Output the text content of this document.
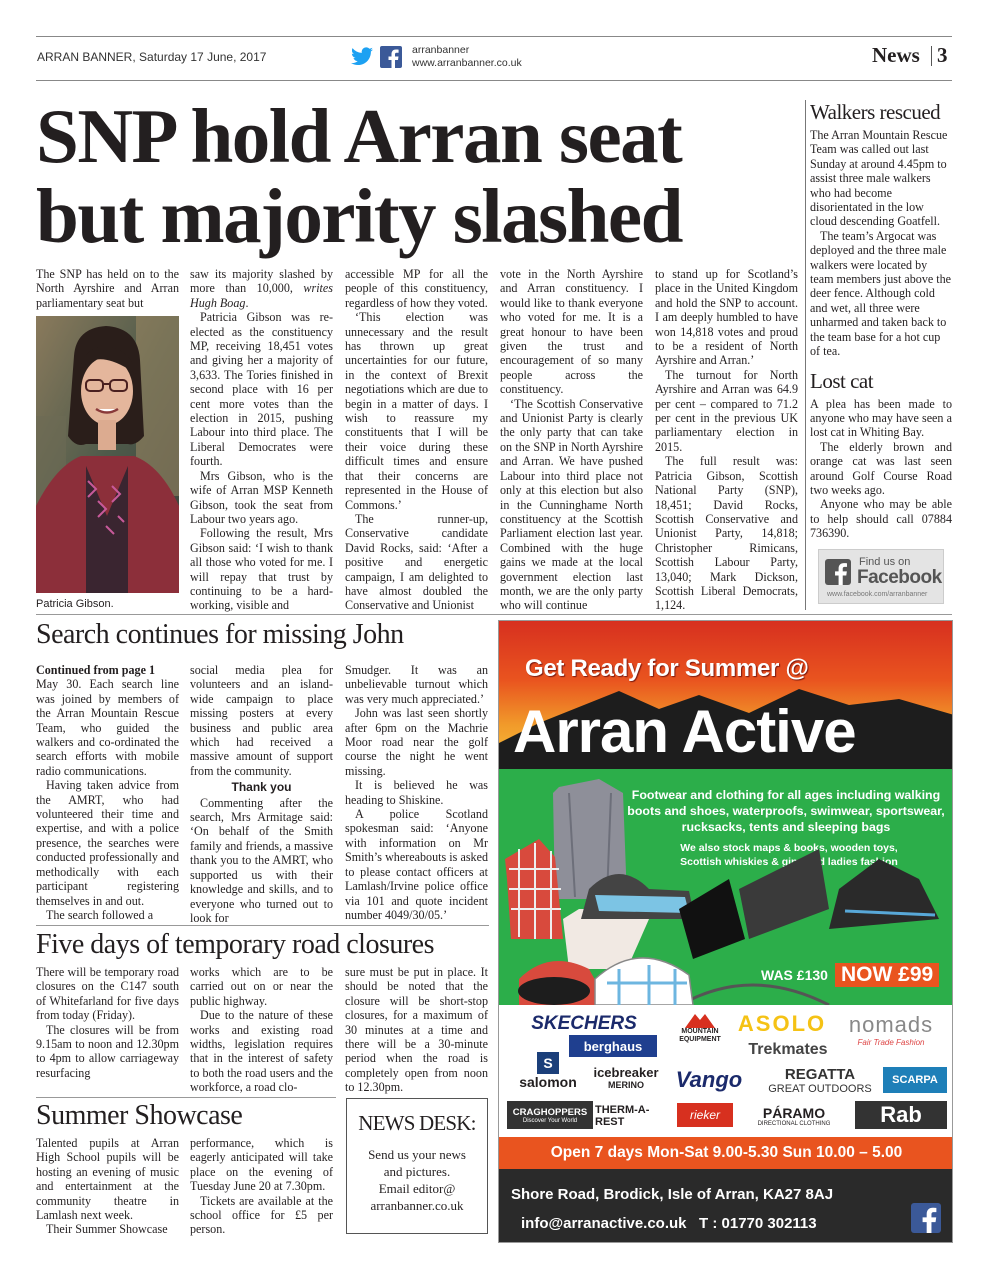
ARRAN BANNER, Saturday 17 June, 2017	arranbanner
www.arranbanner.co.uk	News 3
SNP hold Arran seat
but majority slashed

The SNP has held on to the North Ayrshire and Arran parliamentary seat but

Patricia Gibson.

saw its majority slashed by more than 10,000, writes Hugh Boag.

Patricia Gibson was re-elected as the constituency MP, receiving 18,451 votes and giving her a majority of 3,633. The Tories finished in second place with 16 per cent more votes than the election in 2015, pushing Labour into third place. The Liberal Democrates were fourth.

Mrs Gibson, who is the wife of Arran MSP Kenneth Gibson, took the seat from Labour two years ago.

Following the result, Mrs Gibson said: ‘I wish to thank all those who voted for me. I will repay that trust by continuing to be a hard-working, visible and

accessible MP for all the people of this constituency, regardless of how they voted.

‘This election was unnecessary and the result has thrown up great uncertainties for our future, in the context of Brexit negotiations which are due to begin in a matter of days. I wish to reassure my constituents that I will be their voice during these difficult times and ensure that their concerns are represented in the House of Commons.’

The runner-up, Conservative candidate David Rocks, said: ‘After a positive and energetic campaign, I am delighted to have almost doubled the Conservative and Unionist

vote in the North Ayrshire and Arran constituency. I would like to thank everyone who voted for me. It is a great honour to have been given the trust and encouragement of so many people across the constituency.

‘The Scottish Conservative and Unionist Party is clearly the only party that can take on the SNP in North Ayrshire and Arran. We have pushed Labour into third place not only at this election but also in the Cunninghame North constituency at the Scottish Parliament election last year. Combined with the huge gains we made at the local government election last month, we are the only party who will continue

to stand up for Scotland’s place in the United Kingdom and hold the SNP to account. I am deeply humbled to have won 14,818 votes and proud to be a resident of North Ayrshire and Arran.’

The turnout for North Ayrshire and Arran was 64.9 per cent – compared to 71.2 per cent in the previous UK parliamentary election in 2015.

The full result was: Patricia Gibson, Scottish National Party (SNP), 18,451; David Rocks, Scottish Conservative and Unionist Party, 14,818; Christopher Rimicans, Scottish Labour Party, 13,040; Mark Dickson, Scottish Liberal Democrats, 1,124.

Walkers rescued

The Arran Mountain Rescue Team was called out last Sunday at around 4.45pm to assist three male walkers who had become disorientated in the low cloud descending Goatfell.

The team’s Argocat was deployed and the three male walkers were located by team members just above the deer fence. Although cold and wet, all three were unharmed and taken back to the team base for a hot cup of tea.

Lost cat

A plea has been made to anyone who may have seen a lost cat in Whiting Bay.

The elderly brown and orange cat was last seen around Golf Course Road two weeks ago.

Anyone who may be able to help should call 07884 736390.

Find us on
Facebook
www.facebook.com/arranbanner
Search continues for missing John

Continued from page 1

May 30. Each search line was joined by members of the Arran Mountain Rescue Team, who guided the walkers and co-ordinated the search efforts with mobile radio communications.

Having taken advice from the AMRT, who had volunteered their time and expertise, and with a police presence, the searches were conducted professionally and methodically with each participant registering themselves in and out.

The search followed a

social media plea for volunteers and an island-wide campaign to place missing posters at every business and public area which had received a massive amount of support from the community.

Thank you

Commenting after the search, Mrs Armitage said: ‘On behalf of the Smith family and friends, a massive thank you to the AMRT, who supported us with their knowledge and skills, and to everyone who turned out to look for

Smudger. It was an unbelievable turnout which was very much appreciated.’

John was last seen shortly after 6pm on the Machrie Moor road near the golf course the night he went missing.

It is believed he was heading to Shiskine.

A police Scotland spokesman said: ‘Anyone with information on Mr Smith’s whereabouts is asked to please contact officers at Lamlash/Irvine police office via 101 and quote incident number 4049/30/05.’

Five days of temporary road closures

There will be temporary road closures on the C147 south of Whitefarland for five days from today (Friday).

The closures will be from 9.15am to noon and 12.30pm to 4pm to allow carriageway resurfacing

works which are to be carried out on or near the public highway.

Due to the nature of these works and existing road widths, legislation requires that in the interest of safety to both the road users and the workforce, a road clo-

sure must be put in place. It should be noted that the closure will be short-stop closures, for a maximum of 30 minutes at a time and there will be a 30-minute period when the road is completely open from noon to 12.30pm.

Summer Showcase

Talented pupils at Arran High School pupils will be hosting an evening of music and entertainment at the community theatre in Lamlash next week.

Their Summer Showcase

performance, which is eagerly anticipated will take place on the evening of Tuesday June 20 at 7.30pm.

Tickets are available at the school office for £5 per person.

NEWS DESK:
Send us your news
and pictures.
Email editor@
arranbanner.co.uk
Get Ready for Summer @
Arran Active
Footwear and clothing for all ages including walking boots and shoes, waterproofs, swimwear, sportswear, rucksacks, tents and sleeping bags
We also stock maps & books, wooden toys, Scottish whiskies & gins and ladies fashion
WAS £130 NOW £99
SKECHERS	MOUNTAIN EQUIPMENT
ASOLO nomads
Fair Trade Fashion
berghaus	Trekmates
S
salomon
icebreaker
MERINO	Vango	REGATTA
GREAT OUTDOORS
SCARPA
CRAGHOPPERS
Discover Your World
THERM-A-REST	rieker	PÁRAMO
DIRECTIONAL CLOTHING	Rab
Open 7 days Mon-Sat 9.00-5.30 Sun 10.00 – 5.00
Shore Road, Brodick, Isle of Arran, KA27 8AJ
info@arranactive.co.uk   T : 01770 302113
